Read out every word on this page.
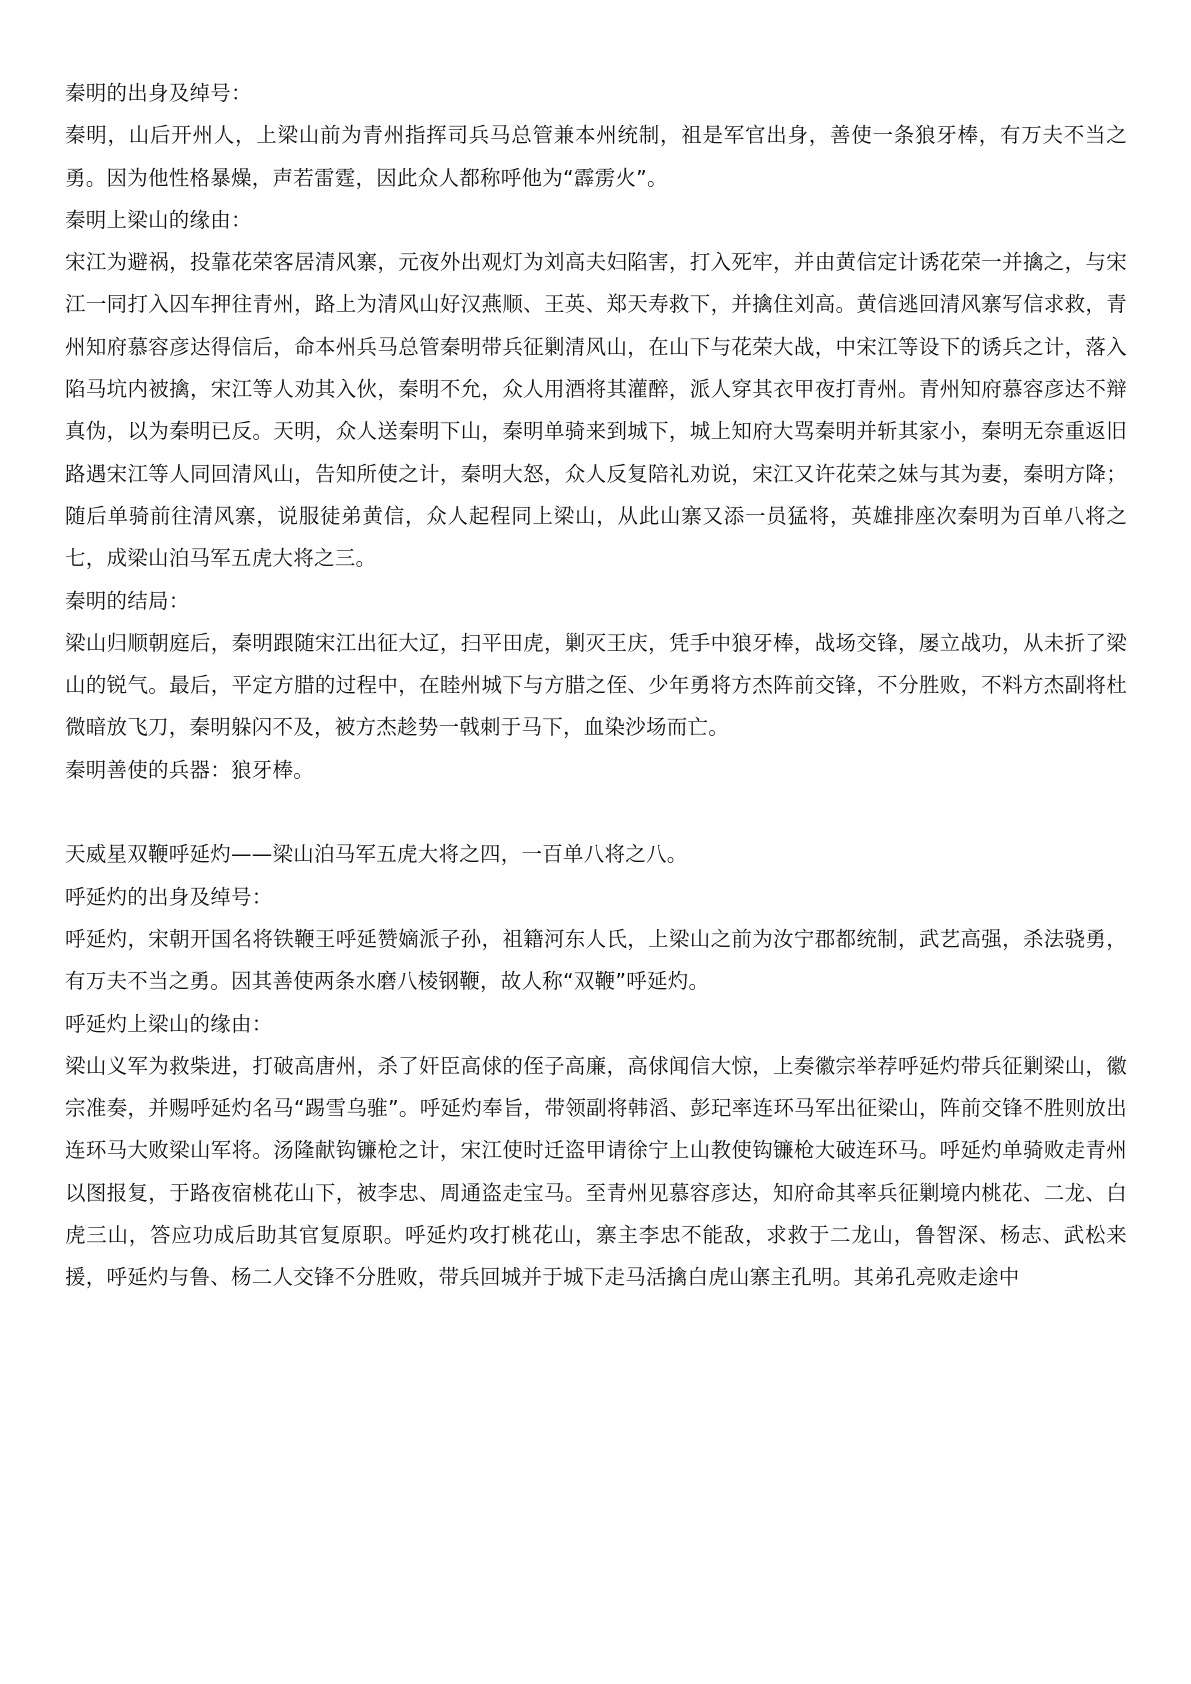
秦明的出身及绰号：

秦明，山后开州人，上梁山前为青州指挥司兵马总管兼本州统制，祖是军官出身，善使一条狼牙棒，有万夫不当之勇。因为他性格暴燥，声若雷霆，因此众人都称呼他为“霹雳火”。

秦明上梁山的缘由：

宋江为避祸，投靠花荣客居清风寨，元夜外出观灯为刘高夫妇陷害，打入死牢，并由黄信定计诱花荣一并擒之，与宋江一同打入囚车押往青州，路上为清风山好汉燕顺、王英、郑天寿救下，并擒住刘高。黄信逃回清风寨写信求救，青州知府慕容彦达得信后，命本州兵马总管秦明带兵征剿清风山，在山下与花荣大战，中宋江等设下的诱兵之计，落入陷马坑内被擒，宋江等人劝其入伙，秦明不允，众人用酒将其灌醉，派人穿其衣甲夜打青州。青州知府慕容彦达不辩真伪，以为秦明已反。天明，众人送秦明下山，秦明单骑来到城下，城上知府大骂秦明并斩其家小，秦明无奈重返旧路遇宋江等人同回清风山，告知所使之计，秦明大怒，众人反复陪礼劝说，宋江又许花荣之妹与其为妻，秦明方降；随后单骑前往清风寨，说服徒弟黄信，众人起程同上梁山，从此山寨又添一员猛将，英雄排座次秦明为百单八将之七，成梁山泊马军五虎大将之三。

秦明的结局：

梁山归顺朝庭后，秦明跟随宋江出征大辽，扫平田虎，剿灭王庆，凭手中狼牙棒，战场交锋，屡立战功，从未折了梁山的锐气。最后，平定方腊的过程中，在睦州城下与方腊之侄、少年勇将方杰阵前交锋，不分胜败，不料方杰副将杜微暗放飞刀，秦明躲闪不及，被方杰趁势一戟刺于马下，血染沙场而亡。

秦明善使的兵器：狼牙棒。

天威星双鞭呼延灼——梁山泊马军五虎大将之四，一百单八将之八。

呼延灼的出身及绰号：

呼延灼，宋朝开国名将铁鞭王呼延赞嫡派子孙，祖籍河东人氏，上梁山之前为汝宁郡都统制，武艺高强，杀法骁勇，有万夫不当之勇。因其善使两条水磨八棱钢鞭，故人称“双鞭”呼延灼。

呼延灼上梁山的缘由：

梁山义军为救柴进，打破高唐州，杀了奸臣高俅的侄子高廉，高俅闻信大惊，上奏徽宗举荐呼延灼带兵征剿梁山，徽宗准奏，并赐呼延灼名马“踢雪乌骓”。呼延灼奉旨，带领副将韩滔、彭玘率连环马军出征梁山，阵前交锋不胜则放出连环马大败梁山军将。汤隆献钩镰枪之计，宋江使时迁盗甲请徐宁上山教使钩镰枪大破连环马。呼延灼单骑败走青州以图报复，于路夜宿桃花山下，被李忠、周通盗走宝马。至青州见慕容彦达，知府命其率兵征剿境内桃花、二龙、白虎三山，答应功成后助其官复原职。呼延灼攻打桃花山，寨主李忠不能敌，求救于二龙山，鲁智深、杨志、武松来援，呼延灼与鲁、杨二人交锋不分胜败，带兵回城并于城下走马活擒白虎山寨主孔明。其弟孔亮败走途中
